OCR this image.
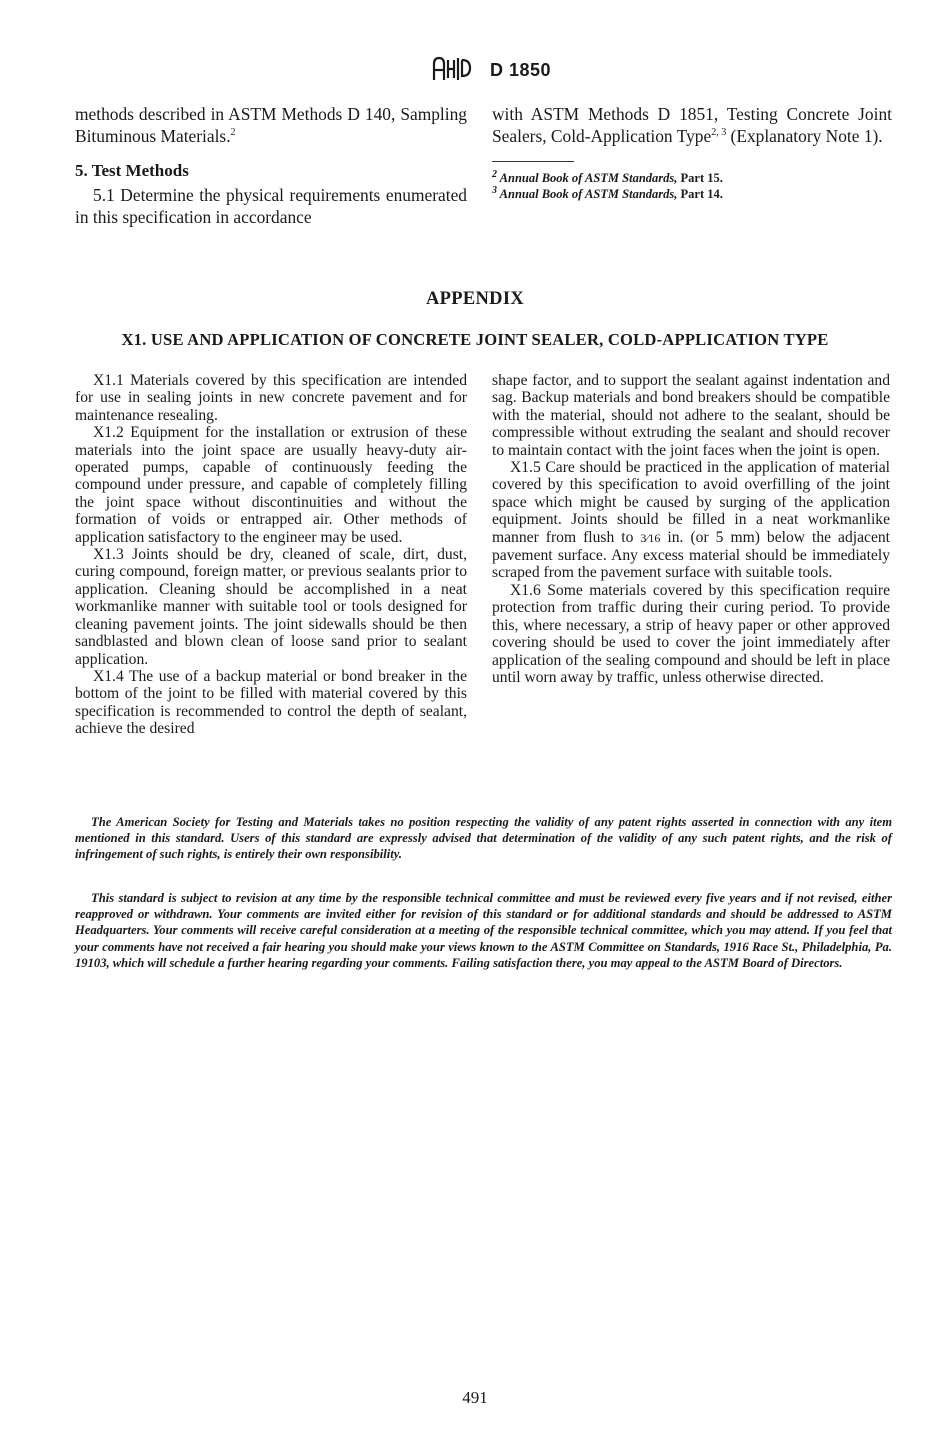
D 1850

methods described in ASTM Methods D 140, Sampling Bituminous Materials.$^2$

5. Test Methods

5.1 Determine the physical requirements enumerated in this specification in accordance

with ASTM Methods D 1851, Testing Concrete Joint Sealers, Cold-Application Type$^{2, 3}$ (Explanatory Note 1).

$^2$ Annual Book of ASTM Standards, Part 15.
$^3$ Annual Book of ASTM Standards, Part 14.
APPENDIX
X1. USE AND APPLICATION OF CONCRETE JOINT SEALER, COLD-APPLICATION TYPE

X1.1 Materials covered by this specification are intended for use in sealing joints in new concrete pavement and for maintenance resealing.

X1.2 Equipment for the installation or extrusion of these materials into the joint space are usually heavy-duty air-operated pumps, capable of continuously feeding the compound under pressure, and capable of completely filling the joint space without discontinuities and without the formation of voids or entrapped air. Other methods of application satisfactory to the engineer may be used.

X1.3 Joints should be dry, cleaned of scale, dirt, dust, curing compound, foreign matter, or previous sealants prior to application. Cleaning should be accomplished in a neat workmanlike manner with suitable tool or tools designed for cleaning pavement joints. The joint sidewalls should be then sandblasted and blown clean of loose sand prior to sealant application.

X1.4 The use of a backup material or bond breaker in the bottom of the joint to be filled with material covered by this specification is recommended to control the depth of sealant, achieve the desired

shape factor, and to support the sealant against indentation and sag. Backup materials and bond breakers should be compatible with the material, should not adhere to the sealant, should be compressible without extruding the sealant and should recover to maintain contact with the joint faces when the joint is open.

X1.5 Care should be practiced in the application of material covered by this specification to avoid overfilling of the joint space which might be caused by surging of the application equipment. Joints should be filled in a neat workmanlike manner from flush to 3⁄16 in. (or 5 mm) below the adjacent pavement surface. Any excess material should be immediately scraped from the pavement surface with suitable tools.

X1.6 Some materials covered by this specification require protection from traffic during their curing period. To provide this, where necessary, a strip of heavy paper or other approved covering should be used to cover the joint immediately after application of the sealing compound and should be left in place until worn away by traffic, unless otherwise directed.

The American Society for Testing and Materials takes no position respecting the validity of any patent rights asserted in connection with any item mentioned in this standard. Users of this standard are expressly advised that determination of the validity of any such patent rights, and the risk of infringement of such rights, is entirely their own responsibility.

This standard is subject to revision at any time by the responsible technical committee and must be reviewed every five years and if not revised, either reapproved or withdrawn. Your comments are invited either for revision of this standard or for additional standards and should be addressed to ASTM Headquarters. Your comments will receive careful consideration at a meeting of the responsible technical committee, which you may attend. If you feel that your comments have not received a fair hearing you should make your views known to the ASTM Committee on Standards, 1916 Race St., Philadelphia, Pa. 19103, which will schedule a further hearing regarding your comments. Failing satisfaction there, you may appeal to the ASTM Board of Directors.

491
